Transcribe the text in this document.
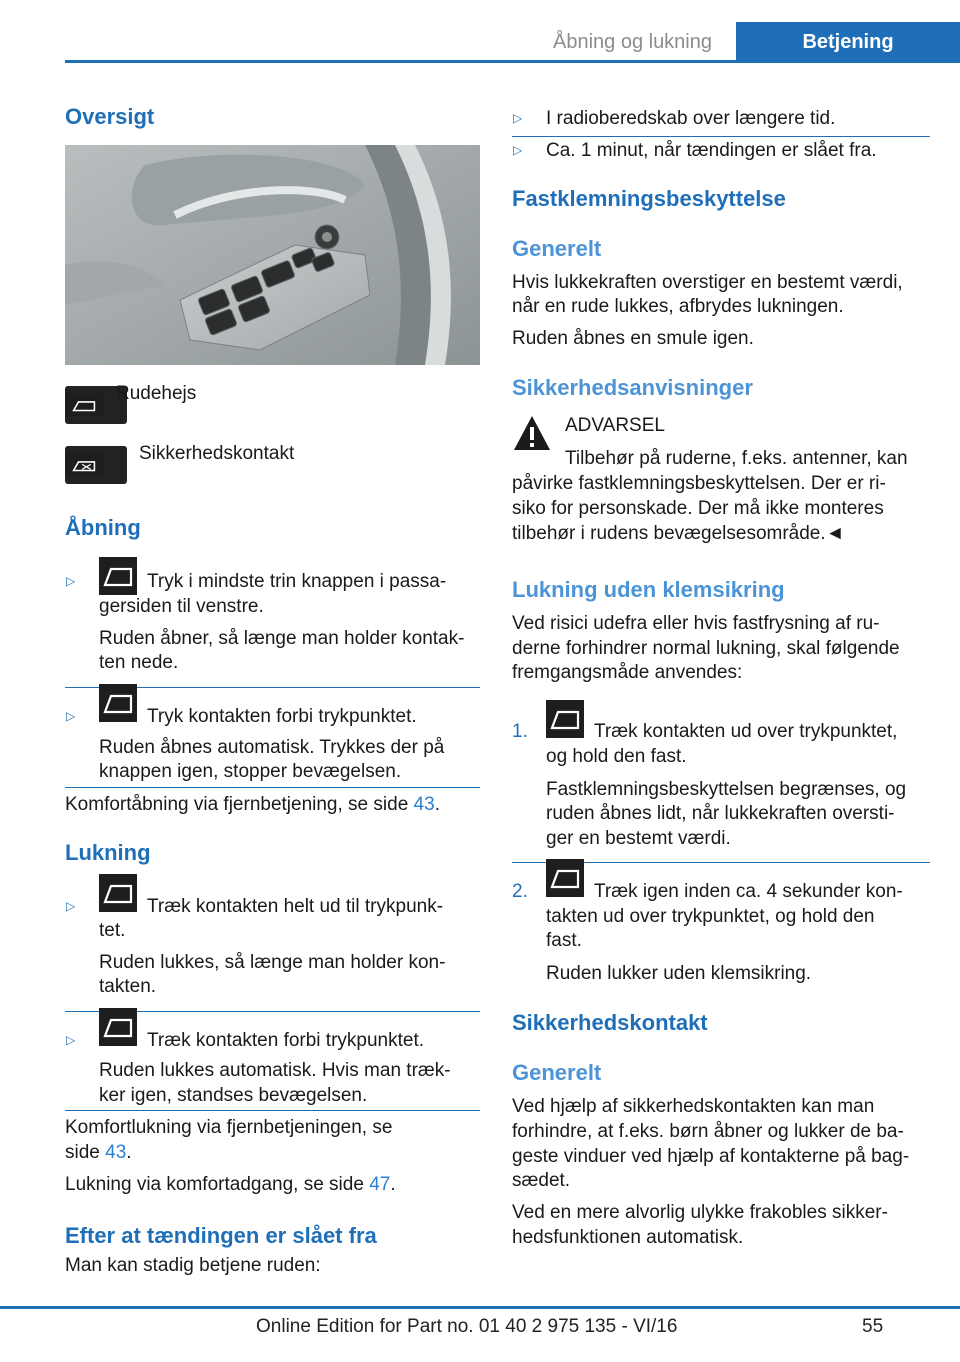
Åbning og lukning	Betjening
Oversigt
Rudehejs
Sikkerhedskontakt
Åbning
▷	Tryk i mindste trin knappen i passa-
gersiden til venstre.
Ruden åbner, så længe man holder kontak-
ten nede.
▷	Tryk kontakten forbi trykpunktet.
Ruden åbnes automatisk. Trykkes der på
knappen igen, stopper bevægelsen.
Komfortåbning via fjernbetjening, se side 43.
Lukning
▷	Træk kontakten helt ud til trykpunk-
tet.
Ruden lukkes, så længe man holder kon-
takten.
▷	Træk kontakten forbi trykpunktet.
Ruden lukkes automatisk. Hvis man træk-
ker igen, standses bevægelsen.
Komfortlukning via fjernbetjeningen, se
side 43.
Lukning via komfortadgang, se side 47.
Efter at tændingen er slået fra
Man kan stadig betjene ruden:
▷ I radioberedskab over længere tid.
▷ Ca. 1 minut, når tændingen er slået fra.
Fastklemningsbeskyttelse
Generelt
Hvis lukkekraften overstiger en bestemt værdi,
når en rude lukkes, afbrydes lukningen.
Ruden åbnes en smule igen.
Sikkerhedsanvisninger
ADVARSEL
Tilbehør på ruderne, f.eks. antenner, kan
påvirke fastklemningsbeskyttelsen. Der er ri-
siko for personskade. Der må ikke monteres
tilbehør i rudens bevægelsesområde.◄
Lukning uden klemsikring
Ved risici udefra eller hvis fastfrysning af ru-
derne forhindrer normal lukning, skal følgende
fremgangsmåde anvendes:
1.	Træk kontakten ud over trykpunktet,
og hold den fast.
Fastklemningsbeskyttelsen begrænses, og
ruden åbnes lidt, når lukkekraften oversti-
ger en bestemt værdi.
2.	Træk igen inden ca. 4 sekunder kon-
takten ud over trykpunktet, og hold den
fast.
Ruden lukker uden klemsikring.
Sikkerhedskontakt
Generelt
Ved hjælp af sikkerhedskontakten kan man
forhindre, at f.eks. børn åbner og lukker de ba-
geste vinduer ved hjælp af kontakterne på bag-
sædet.
Ved en mere alvorlig ulykke frakobles sikker-
hedsfunktionen automatisk.
55
Online Edition for Part no. 01 40 2 975 135 - VI/16
